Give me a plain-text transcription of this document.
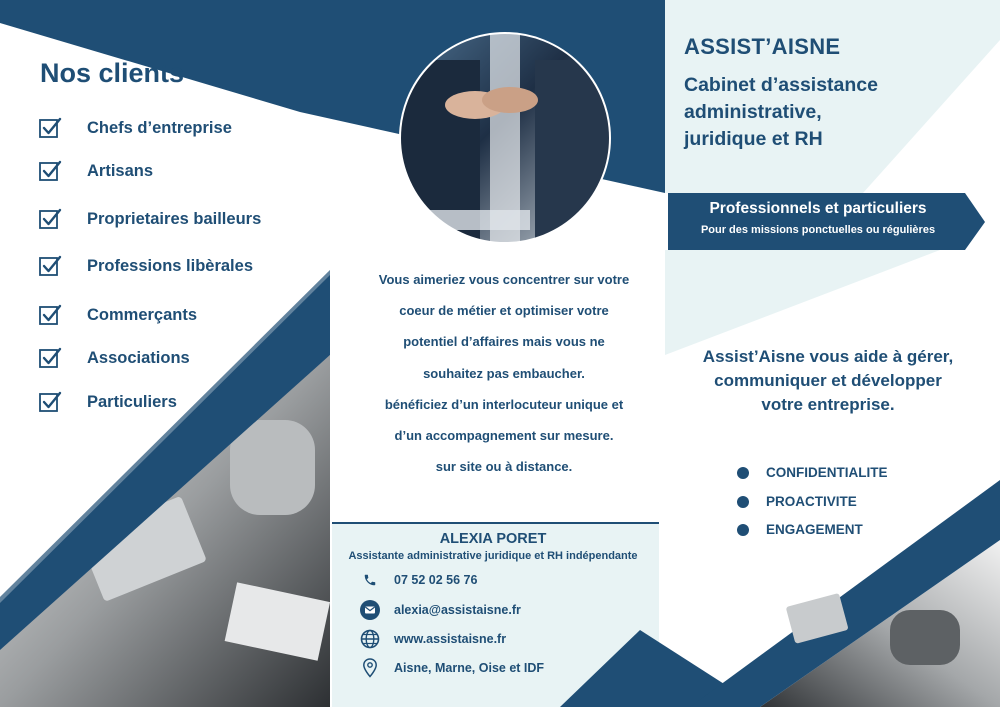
Nos clients
Chefs d’entreprise
Artisans
Proprietaires bailleurs
Professions libèrales
Commerçants
Associations
Particuliers
Vous aimeriez vous concentrer sur votre
coeur de métier et optimiser votre
potentiel d’affaires mais vous ne
souhaitez pas embaucher.
bénéficiez d’un interlocuteur unique et
d’un accompagnement sur mesure.
sur site ou à distance.
ALEXIA PORET
Assistante administrative juridique et RH indépendante
07 52 02 56 76
alexia@assistaisne.fr
www.assistaisne.fr
Aisne, Marne, Oise et IDF
ASSIST’AISNE
Cabinet d’assistance
administrative,
juridique et RH
Professionnels et particuliers
Pour des missions ponctuelles ou régulières
Assist’Aisne vous aide à gérer,
communiquer et développer
votre entreprise.
CONFIDENTIALITE
PROACTIVITE
ENGAGEMENT
